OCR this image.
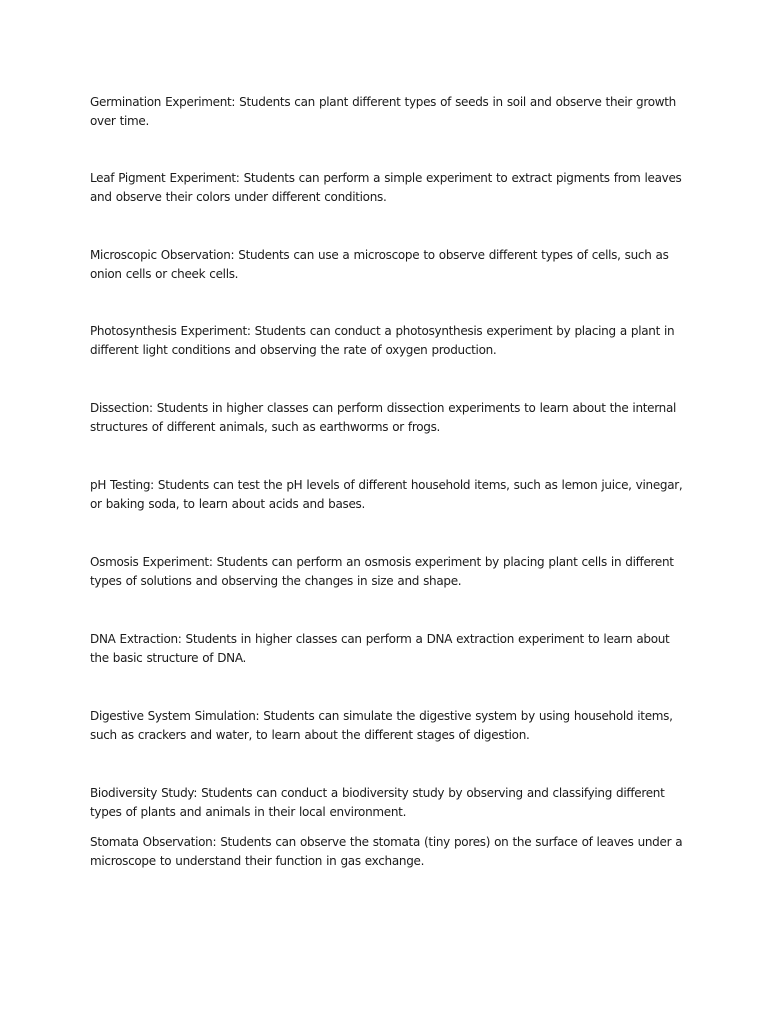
Germination Experiment: Students can plant different types of seeds in soil and observe their growth over time.

Leaf Pigment Experiment: Students can perform a simple experiment to extract pigments from leaves and observe their colors under different conditions.

Microscopic Observation: Students can use a microscope to observe different types of cells, such as onion cells or cheek cells.

Photosynthesis Experiment: Students can conduct a photosynthesis experiment by placing a plant in different light conditions and observing the rate of oxygen production.

Dissection: Students in higher classes can perform dissection experiments to learn about the internal structures of different animals, such as earthworms or frogs.

pH Testing: Students can test the pH levels of different household items, such as lemon juice, vinegar, or baking soda, to learn about acids and bases.

Osmosis Experiment: Students can perform an osmosis experiment by placing plant cells in different types of solutions and observing the changes in size and shape.

DNA Extraction: Students in higher classes can perform a DNA extraction experiment to learn about the basic structure of DNA.

Digestive System Simulation: Students can simulate the digestive system by using household items, such as crackers and water, to learn about the different stages of digestion.

Biodiversity Study: Students can conduct a biodiversity study by observing and classifying different types of plants and animals in their local environment.

Stomata Observation: Students can observe the stomata (tiny pores) on the surface of leaves under a microscope to understand their function in gas exchange.
